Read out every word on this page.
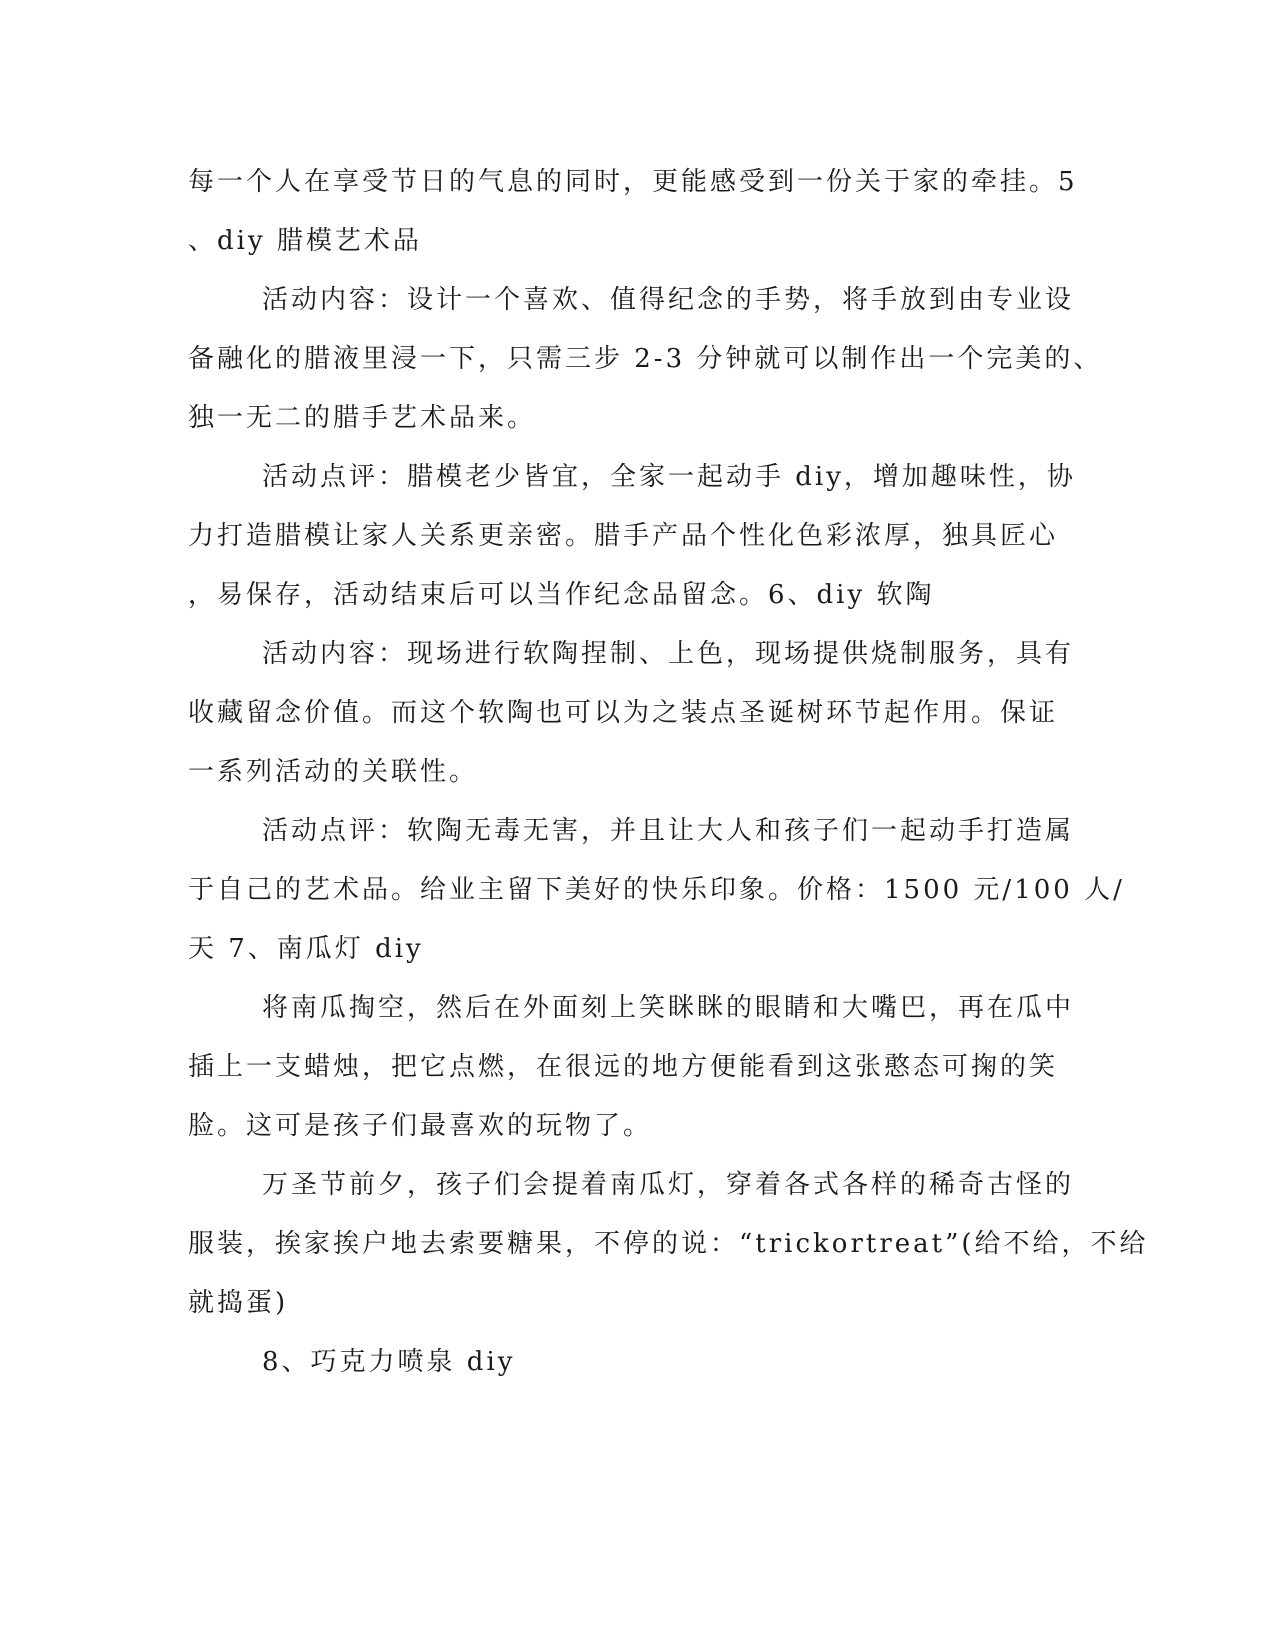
每一个人在享受节日的气息的同时，更能感受到一份关于家的牵挂。5
、diy 腊模艺术品
活动内容：设计一个喜欢、值得纪念的手势，将手放到由专业设
备融化的腊液里浸一下，只需三步 2-3 分钟就可以制作出一个完美的、
独一无二的腊手艺术品来。
活动点评：腊模老少皆宜，全家一起动手 diy，增加趣味性，协
力打造腊模让家人关系更亲密。腊手产品个性化色彩浓厚，独具匠心
，易保存，活动结束后可以当作纪念品留念。6、diy 软陶
活动内容：现场进行软陶捏制、上色，现场提供烧制服务，具有
收藏留念价值。而这个软陶也可以为之装点圣诞树环节起作用。保证
一系列活动的关联性。
活动点评：软陶无毒无害，并且让大人和孩子们一起动手打造属
于自己的艺术品。给业主留下美好的快乐印象。价格：1500 元/100 人/
天 7、南瓜灯 diy
将南瓜掏空，然后在外面刻上笑眯眯的眼睛和大嘴巴，再在瓜中
插上一支蜡烛，把它点燃，在很远的地方便能看到这张憨态可掬的笑
脸。这可是孩子们最喜欢的玩物了。
万圣节前夕，孩子们会提着南瓜灯，穿着各式各样的稀奇古怪的
服装，挨家挨户地去索要糖果，不停的说：“trickortreat”(给不给，不给
就捣蛋)
8、巧克力喷泉 diy
